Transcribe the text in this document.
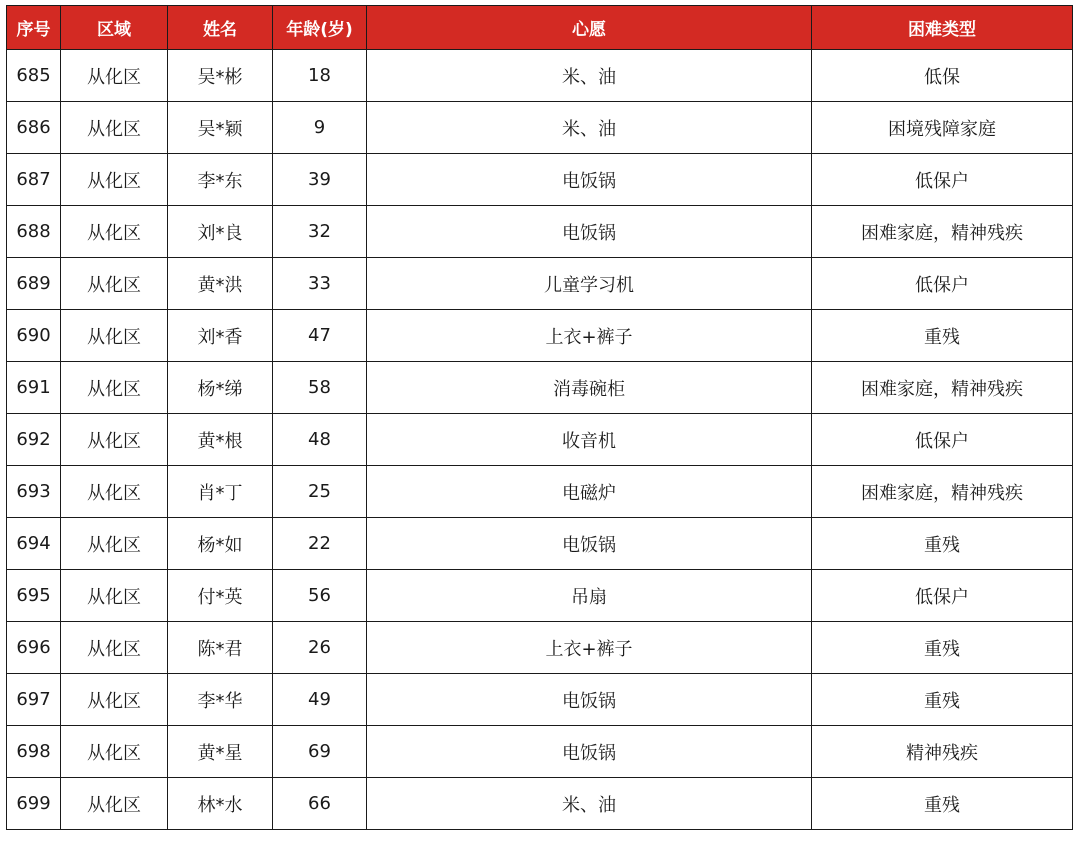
序号	区域	姓名	年龄(岁)	心愿	困难类型
685	从化区	吴*彬	18	米、油	低保
686	从化区	吴*颖	9	米、油	困境残障家庭
687	从化区	李*东	39	电饭锅	低保户
688	从化区	刘*良	32	电饭锅	困难家庭，精神残疾
689	从化区	黄*洪	33	儿童学习机	低保户
690	从化区	刘*香	47	上衣+裤子	重残
691	从化区	杨*绨	58	消毒碗柜	困难家庭，精神残疾
692	从化区	黄*根	48	收音机	低保户
693	从化区	肖*丁	25	电磁炉	困难家庭，精神残疾
694	从化区	杨*如	22	电饭锅	重残
695	从化区	付*英	56	吊扇	低保户
696	从化区	陈*君	26	上衣+裤子	重残
697	从化区	李*华	49	电饭锅	重残
698	从化区	黄*星	69	电饭锅	精神残疾
699	从化区	林*水	66	米、油	重残
